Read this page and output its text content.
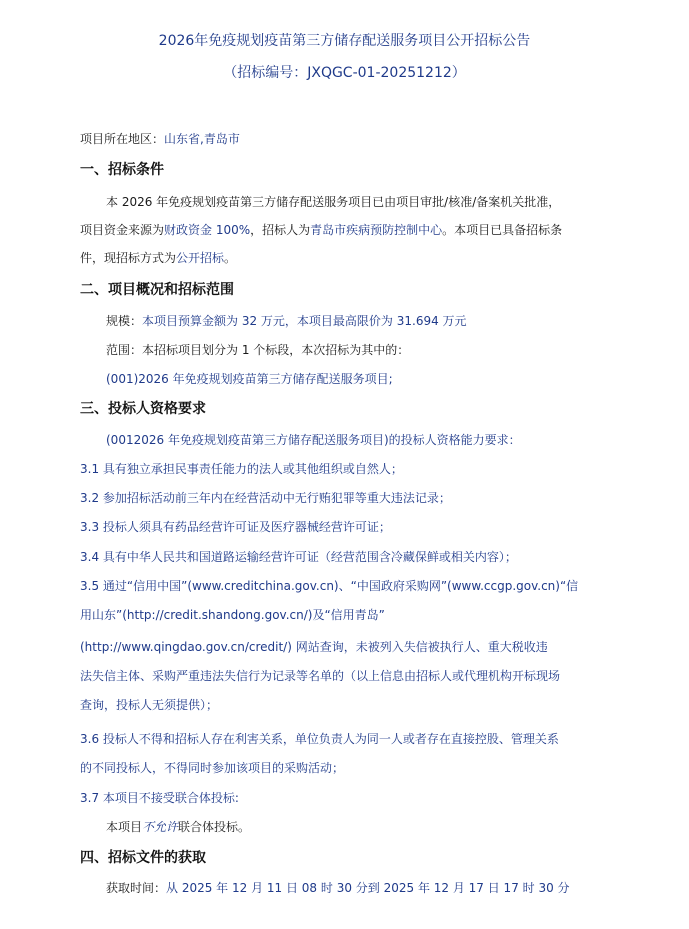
2026年免疫规划疫苗第三方储存配送服务项目公开招标公告
（招标编号：JXQGC-01-20251212）
项目所在地区：山东省,青岛市
一、招标条件
本 2026 年免疫规划疫苗第三方储存配送服务项目已由项目审批/核准/备案机关批准，
项目资金来源为财政资金 100%，招标人为青岛市疾病预防控制中心。本项目已具备招标条
件，现招标方式为公开招标。
二、项目概况和招标范围
规模：本项目预算金额为 32 万元，本项目最高限价为 31.694 万元
范围：本招标项目划分为 1 个标段，本次招标为其中的：
(001)2026 年免疫规划疫苗第三方储存配送服务项目;
三、投标人资格要求
(0012026 年免疫规划疫苗第三方储存配送服务项目)的投标人资格能力要求：
3.1 具有独立承担民事责任能力的法人或其他组织或自然人；
3.2 参加招标活动前三年内在经营活动中无行贿犯罪等重大违法记录；
3.3 投标人须具有药品经营许可证及医疗器械经营许可证；
3.4 具有中华人民共和国道路运输经营许可证（经营范围含冷藏保鲜或相关内容）；
3.5 通过“信用中国”(www.creditchina.gov.cn)、“中国政府采购网”(www.ccgp.gov.cn)“信
用山东”(http://credit.shandong.gov.cn/)及“信用青岛”
(http://www.qingdao.gov.cn/credit/) 网站查询，未被列入失信被执行人、重大税收违
法失信主体、采购严重违法失信行为记录等名单的（以上信息由招标人或代理机构开标现场
查询，投标人无须提供）；
3.6 投标人不得和招标人存在利害关系，单位负责人为同一人或者存在直接控股、管理关系
的不同投标人，不得同时参加该项目的采购活动；
3.7 本项目不接受联合体投标:
本项目不允许联合体投标。
四、招标文件的获取
获取时间：从 2025 年 12 月 11 日 08 时 30 分到 2025 年 12 月 17 日 17 时 30 分
